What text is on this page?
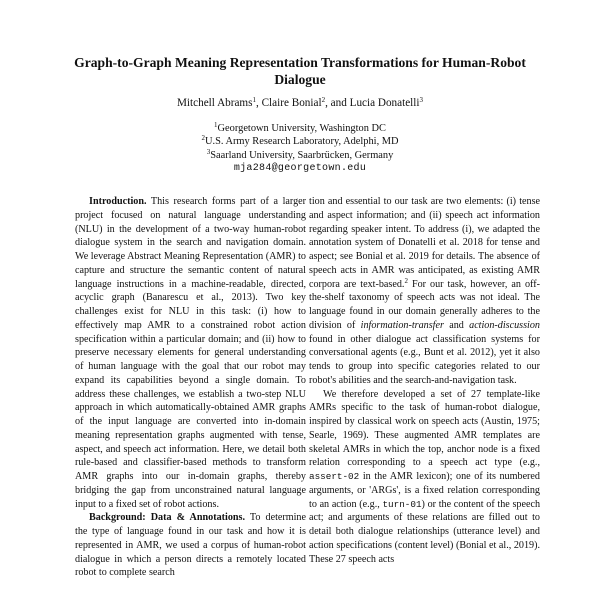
Graph-to-Graph Meaning Representation Transformations for Human-Robot Dialogue
Mitchell Abrams$^1$, Claire Bonial$^2$, and Lucia Donatelli$^3$
$^1$Georgetown University, Washington DC
$^2$U.S. Army Research Laboratory, Adelphi, MD
$^3$Saarland University, Saarbrücken, Germany
mja284@georgetown.edu

Introduction. This research forms part of a larger project focused on natural language understanding (NLU) in the development of a two-way human-robot dialogue system in the search and navigation domain. We leverage Abstract Meaning Representation (AMR) to capture and structure the semantic content of natural language instructions in a machine-readable, directed, acyclic graph (Banarescu et al., 2013). Two key challenges exist for NLU in this task: (i) how to effectively map AMR to a constrained robot action specification within a particular domain; and (ii) how to preserve necessary elements for general understanding of human language with the goal that our robot may expand its capabilities beyond a single domain. To address these challenges, we establish a two-step NLU approach in which automatically-obtained AMR graphs of the input language are converted into in-domain meaning representation graphs augmented with tense, aspect, and speech act information. Here, we detail both rule-based and classifier-based methods to transform AMR graphs into our in-domain graphs, thereby bridging the gap from unconstrained natural language input to a fixed set of robot actions.

Background: Data & Annotations. To determine the type of language found in our task and how it is represented in AMR, we used a corpus of human-robot dialogue in which a person directs a remotely located robot to complete search

tion and essential to our task are two elements: (i) tense and aspect information; and (ii) speech act information regarding speaker intent. To address (i), we adapted the annotation system of Donatelli et al. 2018 for tense and aspect; see Bonial et al. 2019 for details. The absence of speech acts in AMR was anticipated, as existing AMR corpora are text-based.$^2$ For our task, however, an off-the-shelf taxonomy of speech acts was not ideal. The language found in our domain generally adheres to the division of information-transfer and action-discussion found in other dialogue act classification systems for conversational agents (e.g., Bunt et al. 2012), yet it also tends to group into specific categories related to our robot's abilities and the search-and-navigation task.

We therefore developed a set of 27 template-like AMRs specific to the task of human-robot dialogue, inspired by classical work on speech acts (Austin, 1975; Searle, 1969). These augmented AMR templates are skeletal AMRs in which the top, anchor node is a fixed relation corresponding to a speech act type (e.g., assert-02 in the AMR lexicon); one of its numbered arguments, or 'ARGs', is a fixed relation corresponding to an action (e.g., turn-01) or the content of the speech act; and arguments of these relations are filled out to detail both dialogue relationships (utterance level) and action specifications (content level) (Bonial et al., 2019). These 27 speech acts
